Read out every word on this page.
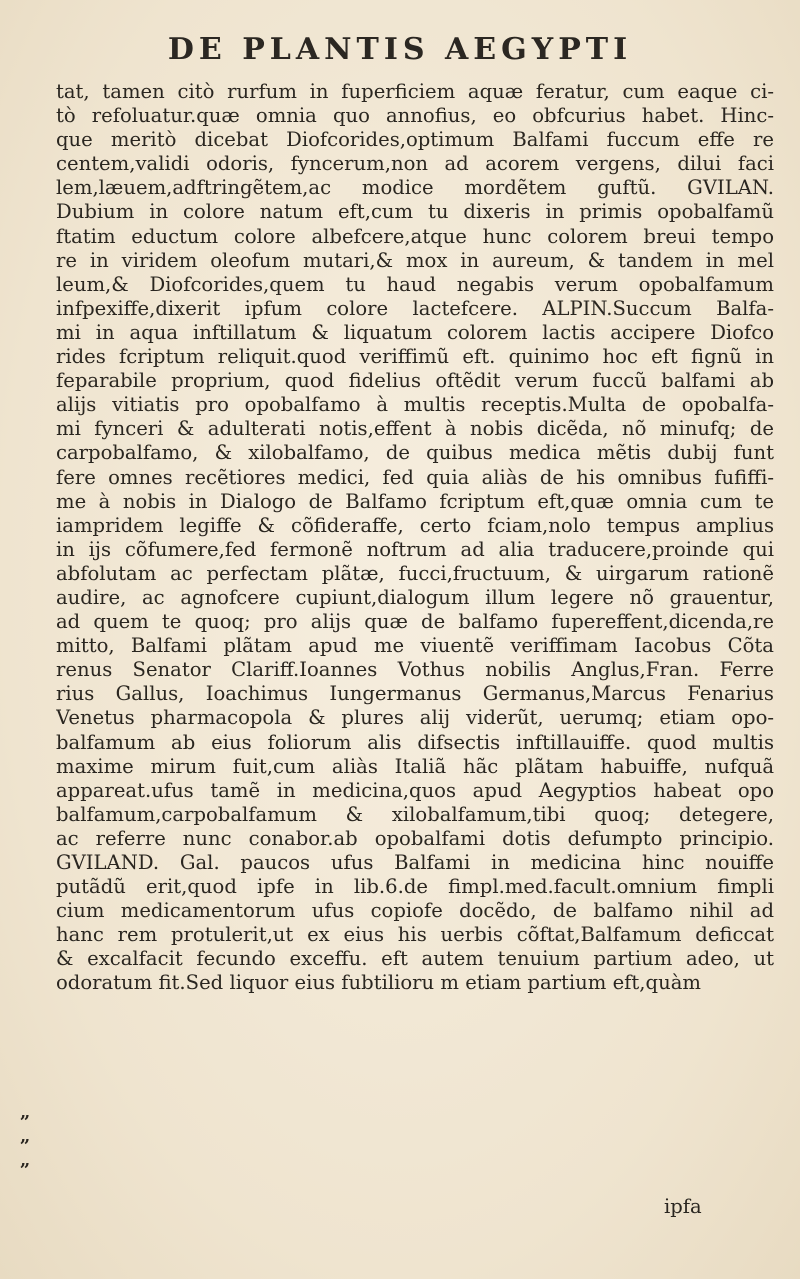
DE PLANTIS AEGYPTI
tat, tamen citò rurfum in fuperficiem aquæ feratur, cum eaque ci-
tò refoluatur.quæ omnia quo annofius, eo obfcurius habet. Hinc-
que meritò dicebat Diofcorides,optimum Balfami fuccum effe re
centem,validi odoris, fyncerum,non ad acorem vergens, dilui faci
lem,læuem,adftringẽtem,ac modice mordẽtem guftũ. GVILAN.
Dubium in colore natum eft,cum tu dixeris in primis opobalfamũ
ftatim eductum colore albefcere,atque hunc colorem breui tempo
re in viridem oleofum mutari,& mox in aureum, & tandem in mel
leum,& Diofcorides,quem tu haud negabis verum opobalfamum
infpexiffe,dixerit ipfum colore lactefcere. ALPIN.Succum Balfa-
mi in aqua inftillatum & liquatum colorem lactis accipere Diofco
rides fcriptum reliquit.quod veriffimũ eft. quinimo hoc eft fignũ in
feparabile proprium, quod fidelius oftẽdit verum fuccũ balfami ab
alijs vitiatis pro opobalfamo à multis receptis.Multa de opobalfa-
mi fynceri & adulterati notis,effent à nobis dicẽda, nõ minufq; de
carpobalfamo, & xilobalfamo, de quibus medica mẽtis dubij funt
fere omnes recẽtiores medici, fed quia aliàs de his omnibus fufiffi-
me à nobis in Dialogo de Balfamo fcriptum eft,quæ omnia cum te
iampridem legiffe & cõfideraffe, certo fciam,nolo tempus amplius
in ijs cõfumere,fed fermonẽ noftrum ad alia traducere,proinde qui
abfolutam ac perfectam plãtæ, fucci,fructuum, & uirgarum rationẽ
audire, ac agnofcere cupiunt,dialogum illum legere nõ grauentur,
ad quem te quoq; pro alijs quæ de balfamo fupereffent,dicenda,re
mitto, Balfami plãtam apud me viuentẽ veriffimam Iacobus Cõta
renus Senator Clariff.Ioannes Vothus nobilis Anglus,Fran. Ferre
rius Gallus, Ioachimus Iungermanus Germanus,Marcus Fenarius
Venetus pharmacopola & plures alij viderũt, uerumq; etiam opo-
balfamum ab eius foliorum alis difsectis inftillauiffe. quod multis
maxime mirum fuit,cum aliàs Italiã hãc plãtam habuiffe, nufquã
appareat.ufus tamẽ in medicina,quos apud Aegyptios habeat opo
balfamum,carpobalfamum & xilobalfamum,tibi quoq; detegere,
ac referre nunc conabor.ab opobalfami dotis defumpto principio.
GVILAND. Gal. paucos ufus Balfami in medicina hinc nouiffe
putãdũ erit,quod ipfe in lib.6.de fimpl.med.facult.omnium fimpli
cium medicamentorum ufus copiofe docẽdo, de balfamo nihil ad
hanc rem protulerit,ut ex eius his uerbis cõftat,Balfamum deficcat
& excalfacit fecundo exceffu. eft autem tenuium partium adeo, ut
odoratum fit.Sed liquor eius fubtilioru m etiam partium eft,quàm
„
„
„
ipfa
